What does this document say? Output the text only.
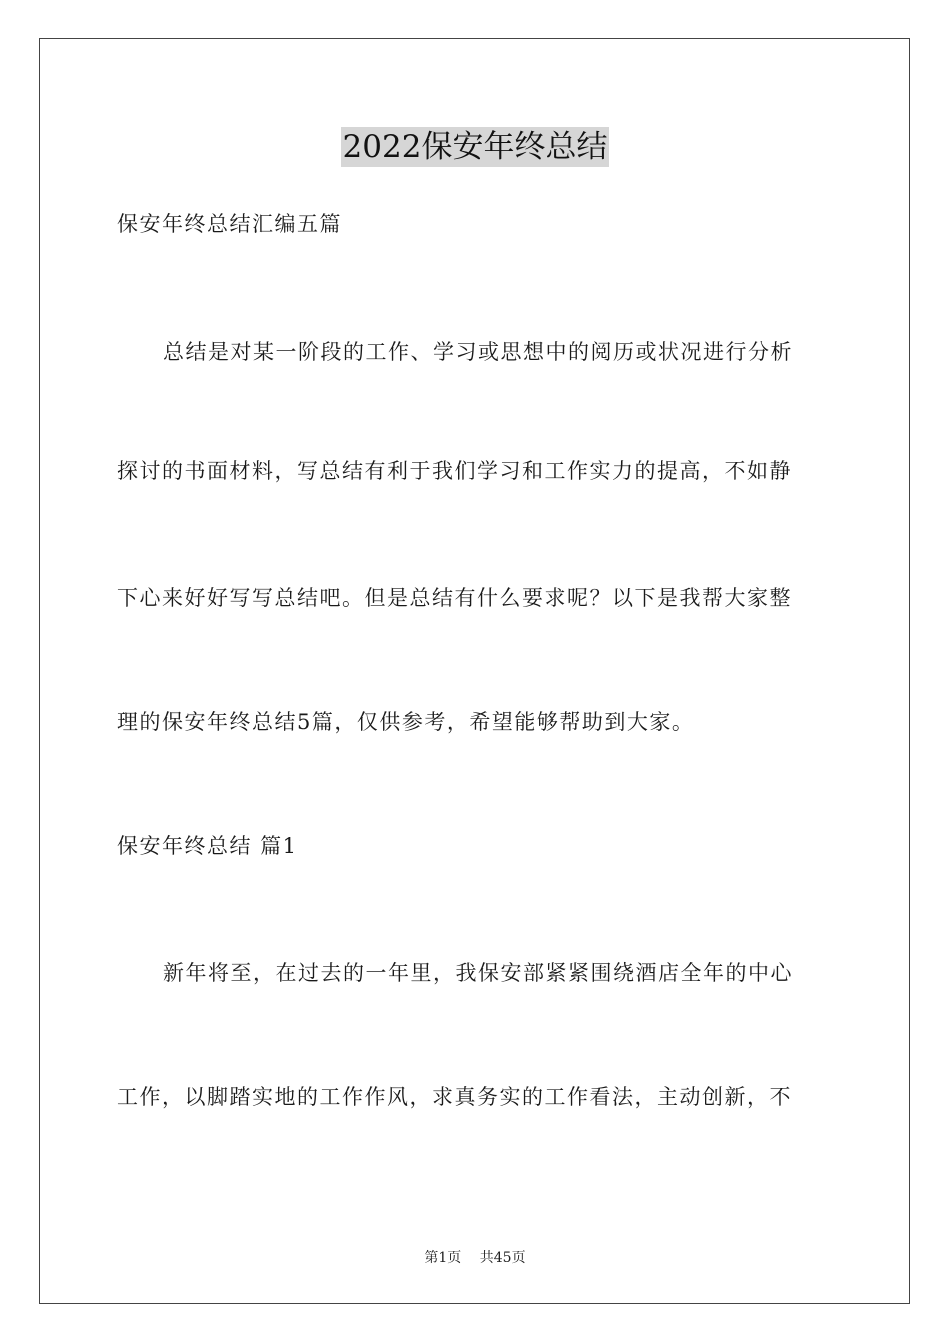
2022保安年终总结
保安年终总结汇编五篇
总结是对某一阶段的工作、学习或思想中的阅历或状况进行分析
探讨的书面材料，写总结有利于我们学习和工作实力的提高，不如静
下心来好好写写总结吧。但是总结有什么要求呢？以下是我帮大家整
理的保安年终总结5篇，仅供参考，希望能够帮助到大家。
保安年终总结 篇1
新年将至，在过去的一年里，我保安部紧紧围绕酒店全年的中心
工作，以脚踏实地的工作作风，求真务实的工作看法，主动创新，不
第1页 共45页
